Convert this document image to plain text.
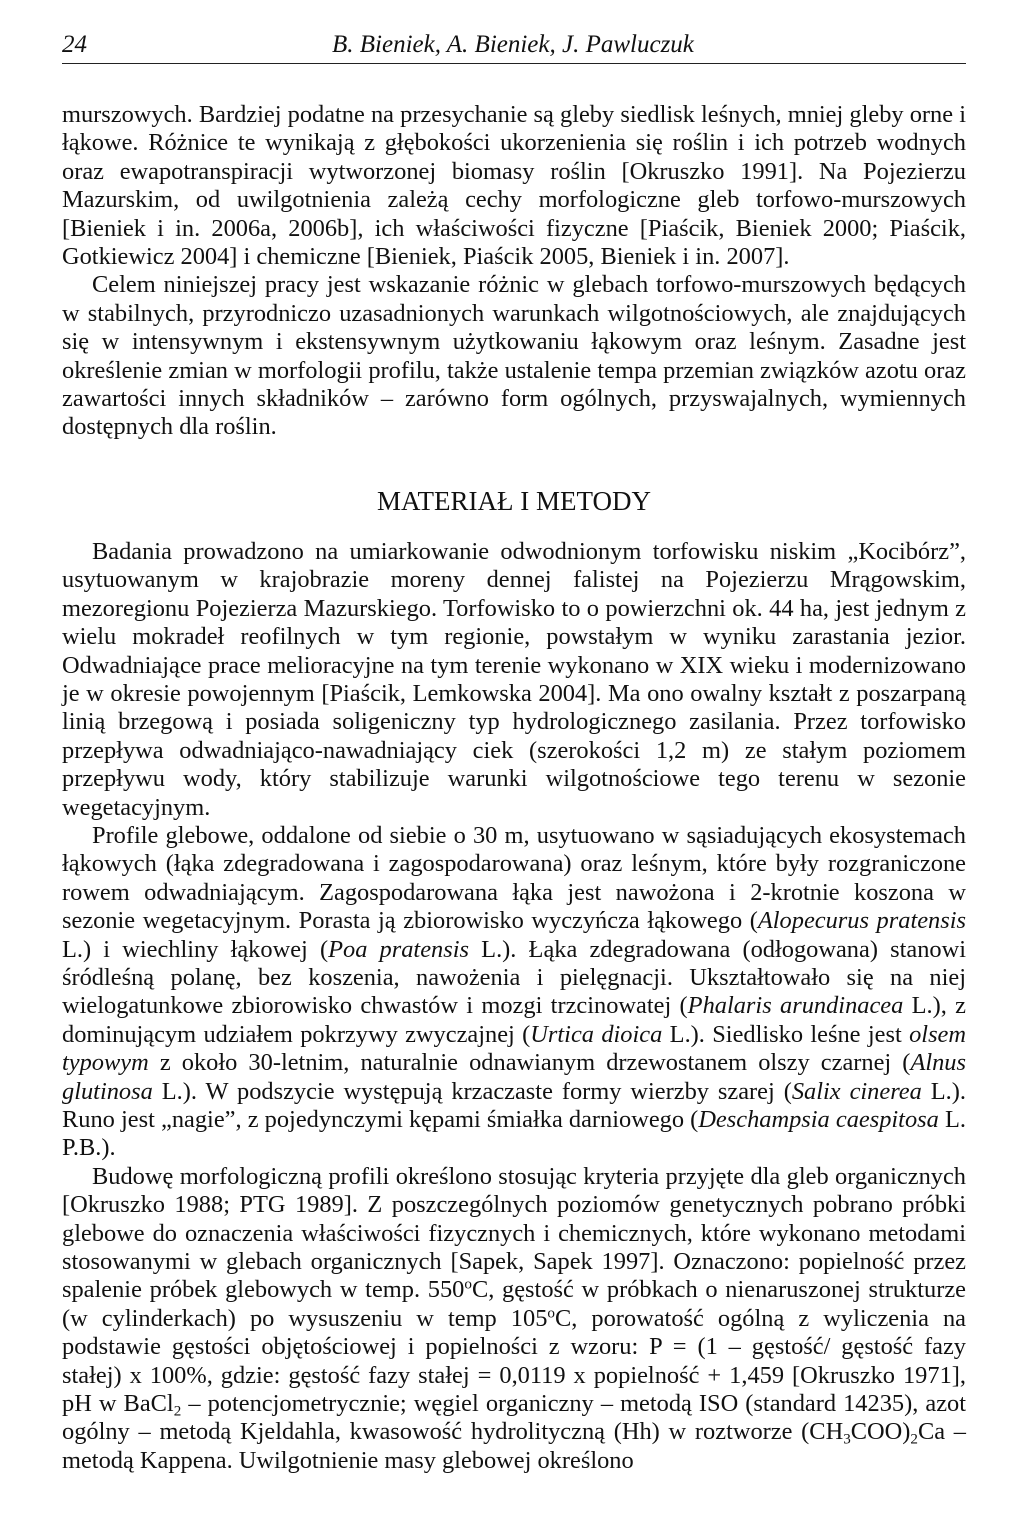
24	B. Bieniek, A. Bieniek, J. Pawluczuk

murszowych. Bardziej podatne na przesychanie są gleby siedlisk leśnych, mniej gleby orne i łąkowe. Różnice te wynikają z głębokości ukorzenienia się roślin i ich potrzeb wodnych oraz ewapotranspiracji wytworzonej biomasy roślin [Okruszko 1991]. Na Pojezierzu Mazurskim, od uwilgotnienia zależą cechy morfologiczne gleb torfowo-murszowych [Bieniek i in. 2006a, 2006b], ich właściwości fizyczne [Piaścik, Bieniek 2000; Piaścik, Gotkiewicz 2004] i chemiczne [Bieniek, Piaścik 2005, Bieniek i in. 2007].

Celem niniejszej pracy jest wskazanie różnic w glebach torfowo-murszowych będących w stabilnych, przyrodniczo uzasadnionych warunkach wilgotnościowych, ale znajdujących się w intensywnym i ekstensywnym użytkowaniu łąkowym oraz leśnym. Zasadne jest określenie zmian w morfologii profilu, także ustalenie tempa przemian związków azotu oraz zawartości innych składników – zarówno form ogólnych, przyswajalnych, wymiennych dostępnych dla roślin.

MATERIAŁ I METODY

Badania prowadzono na umiarkowanie odwodnionym torfowisku niskim „Kocibórz”, usytuowanym w krajobrazie moreny dennej falistej na Pojezierzu Mrągowskim, mezoregionu Pojezierza Mazurskiego. Torfowisko to o powierzchni ok. 44 ha, jest jednym z wielu mokradeł reofilnych w tym regionie, powstałym w wyniku zarastania jezior. Odwadniające prace melioracyjne na tym terenie wykonano w XIX wieku i modernizowano je w okresie powojennym [Piaścik, Lemkowska 2004]. Ma ono owalny kształt z poszarpaną linią brzegową i posiada soligeniczny typ hydrologicznego zasilania. Przez torfowisko przepływa odwadniająco-nawadniający ciek (szerokości 1,2 m) ze stałym poziomem przepływu wody, który stabilizuje warunki wilgotnościowe tego terenu w sezonie wegetacyjnym.

Profile glebowe, oddalone od siebie o 30 m, usytuowano w sąsiadujących ekosystemach łąkowych (łąka zdegradowana i zagospodarowana) oraz leśnym, które były rozgraniczone rowem odwadniającym. Zagospodarowana łąka jest nawożona i 2-krotnie koszona w sezonie wegetacyjnym. Porasta ją zbiorowisko wyczyńcza łąkowego (Alopecurus pratensis L.) i wiechliny łąkowej (Poa pratensis L.). Łąka zdegradowana (odłogowana) stanowi śródleśną polanę, bez koszenia, nawożenia i pielęgnacji. Ukształtowało się na niej wielogatunkowe zbiorowisko chwastów i mozgi trzcinowatej (Phalaris arundinacea L.), z dominującym udziałem pokrzywy zwyczajnej (Urtica dioica L.). Siedlisko leśne jest olsem typowym z około 30-letnim, naturalnie odnawianym drzewostanem olszy czarnej (Alnus glutinosa L.). W podszycie występują krzaczaste formy wierzby szarej (Salix cinerea L.). Runo jest „nagie”, z pojedynczymi kępami śmiałka darniowego (Deschampsia caespitosa L. P.B.).

Budowę morfologiczną profili określono stosując kryteria przyjęte dla gleb organicznych [Okruszko 1988; PTG 1989]. Z poszczególnych poziomów genetycznych pobrano próbki glebowe do oznaczenia właściwości fizycznych i chemicznych, które wykonano metodami stosowanymi w glebach organicznych [Sapek, Sapek 1997]. Oznaczono: popielność przez spalenie próbek glebowych w temp. 550$^o$C, gęstość w próbkach o nienaruszonej strukturze (w cylinderkach) po wysuszeniu w temp 105$^o$C, porowatość ogólną z wyliczenia na podstawie gęstości objętościowej i popielności z wzoru: P = (1 – gęstość/ gęstość fazy stałej) x 100%, gdzie: gęstość fazy stałej = 0,0119 x popielność + 1,459 [Okruszko 1971], pH w BaCl$_2$ – potencjometrycznie; węgiel organiczny – metodą ISO (standard 14235), azot ogólny – metodą Kjeldahla, kwasowość hydrolityczną (Hh) w roztworze $(CH_3COO)_2Ca$ – metodą Kappena. Uwilgotnienie masy glebowej określono
